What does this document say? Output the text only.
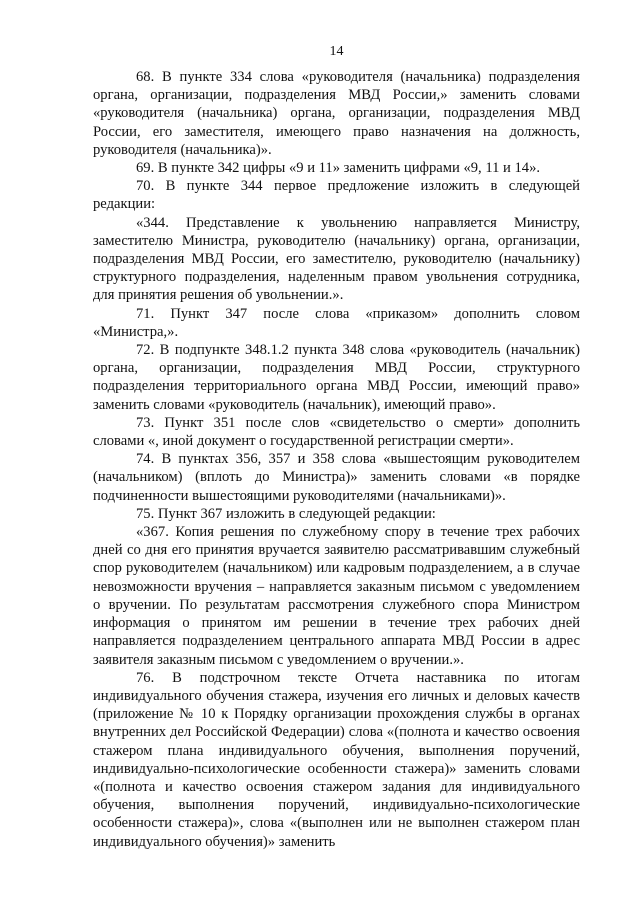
14

68. В пункте 334 слова «руководителя (начальника) подразделения органа, организации, подразделения МВД России,» заменить словами «руководителя (начальника) органа, организации, подразделения МВД России, его заместителя, имеющего право назначения на должность, руководителя (начальника)».

69. В пункте 342 цифры «9 и 11» заменить цифрами «9, 11 и 14».

70. В пункте 344 первое предложение изложить в следующей редакции:

«344. Представление к увольнению направляется Министру, заместителю Министра, руководителю (начальнику) органа, организации, подразделения МВД России, его заместителю, руководителю (начальнику) структурного подразделения, наделенным правом увольнения сотрудника, для принятия решения об увольнении.».

71. Пункт 347 после слова «приказом» дополнить словом «Министра,».

72. В подпункте 348.1.2 пункта 348 слова «руководитель (начальник) органа, организации, подразделения МВД России, структурного подразделения территориального органа МВД России, имеющий право» заменить словами «руководитель (начальник), имеющий право».

73. Пункт 351 после слов «свидетельство о смерти» дополнить словами «, иной документ о государственной регистрации смерти».

74. В пунктах 356, 357 и 358 слова «вышестоящим руководителем (начальником) (вплоть до Министра)» заменить словами «в порядке подчиненности вышестоящими руководителями (начальниками)».

75. Пункт 367 изложить в следующей редакции:

«367. Копия решения по служебному спору в течение трех рабочих дней со дня его принятия вручается заявителю рассматривавшим служебный спор руководителем (начальником) или кадровым подразделением, а в случае невозможности вручения – направляется заказным письмом с уведомлением о вручении. По результатам рассмотрения служебного спора Министром информация о принятом им решении в течение трех рабочих дней направляется подразделением центрального аппарата МВД России в адрес заявителя заказным письмом с уведомлением о вручении.».

76. В подстрочном тексте Отчета наставника по итогам индивидуального обучения стажера, изучения его личных и деловых качеств (приложение № 10 к Порядку организации прохождения службы в органах внутренних дел Российской Федерации) слова «(полнота и качество освоения стажером плана индивидуального обучения, выполнения поручений, индивидуально-психологические особенности стажера)» заменить словами «(полнота и качество освоения стажером задания для индивидуального обучения, выполнения поручений, индивидуально-психологические особенности стажера)», слова «(выполнен или не выполнен стажером план индивидуального обучения)» заменить
